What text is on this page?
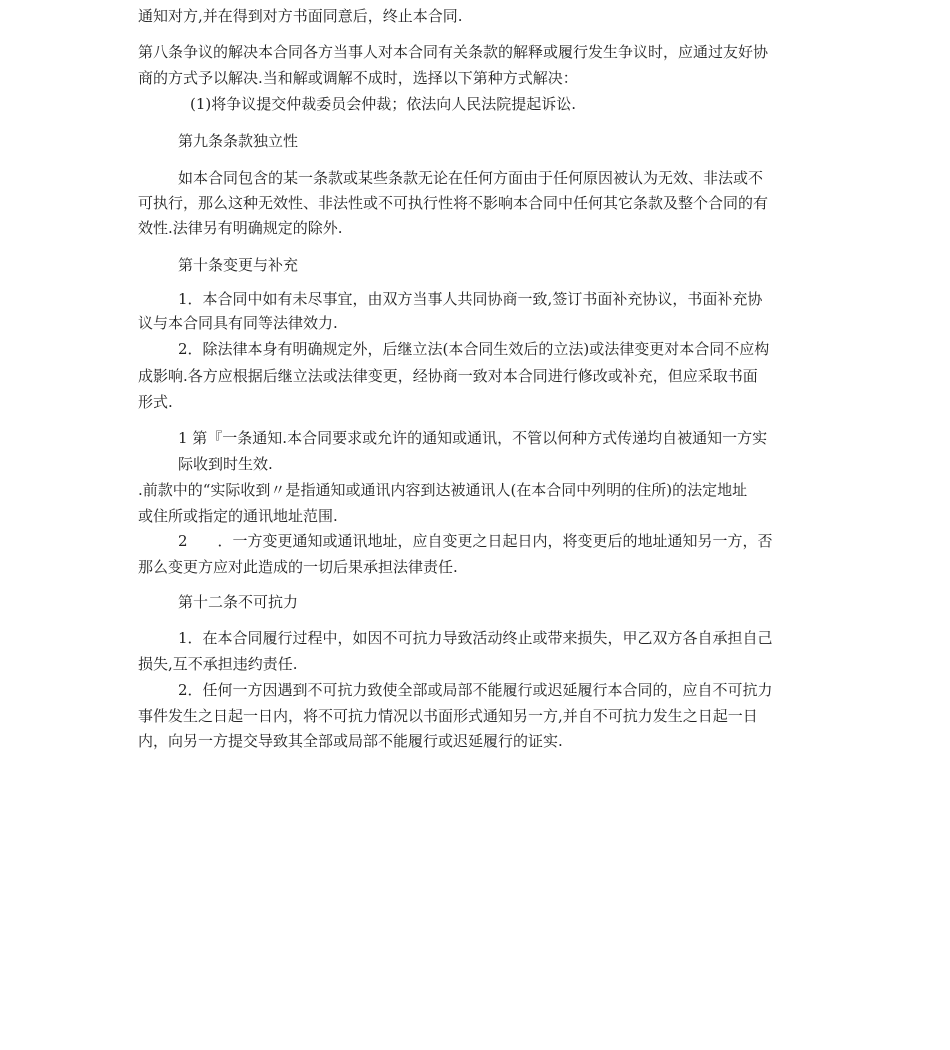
通知对方,并在得到对方书面同意后，终止本合同.
第八条争议的解决本合同各方当事人对本合同有关条款的解释或履行发生争议时，应通过友好协
商的方式予以解决.当和解或调解不成时，选择以下第种方式解决：
(1)将争议提交仲裁委员会仲裁；依法向人民法院提起诉讼.
第九条条款独立性
如本合同包含的某一条款或某些条款无论在任何方面由于任何原因被认为无效、非法或不
可执行，那么这种无效性、非法性或不可执行性将不影响本合同中任何其它条款及整个合同的有
效性.法律另有明确规定的除外.
第十条变更与补充
1．本合同中如有未尽事宜，由双方当事人共同协商一致,签订书面补充协议，书面补充协
议与本合同具有同等法律效力.
2．除法律本身有明确规定外，后继立法(本合同生效后的立法)或法律变更对本合同不应构
成影响.各方应根据后继立法或法律变更，经协商一致对本合同进行修改或补充，但应采取书面
形式.
1 第『一条通知.本合同要求或允许的通知或通讯，不管以何种方式传递均自被通知一方实
际收到时生效.
.前款中的“实际收到〃是指通知或通讯内容到达被通讯人(在本合同中列明的住所)的法定地址
或住所或指定的通讯地址范围.
2　　．一方变更通知或通讯地址，应自变更之日起日内，将变更后的地址通知另一方，否
那么变更方应对此造成的一切后果承担法律责任.
第十二条不可抗力
1．在本合同履行过程中，如因不可抗力导致活动终止或带来损失，甲乙双方各自承担自己
损失,互不承担违约责任.
2．任何一方因遇到不可抗力致使全部或局部不能履行或迟延履行本合同的，应自不可抗力
事件发生之日起一日内，将不可抗力情况以书面形式通知另一方,并自不可抗力发生之日起一日
内，向另一方提交导致其全部或局部不能履行或迟延履行的证实.
